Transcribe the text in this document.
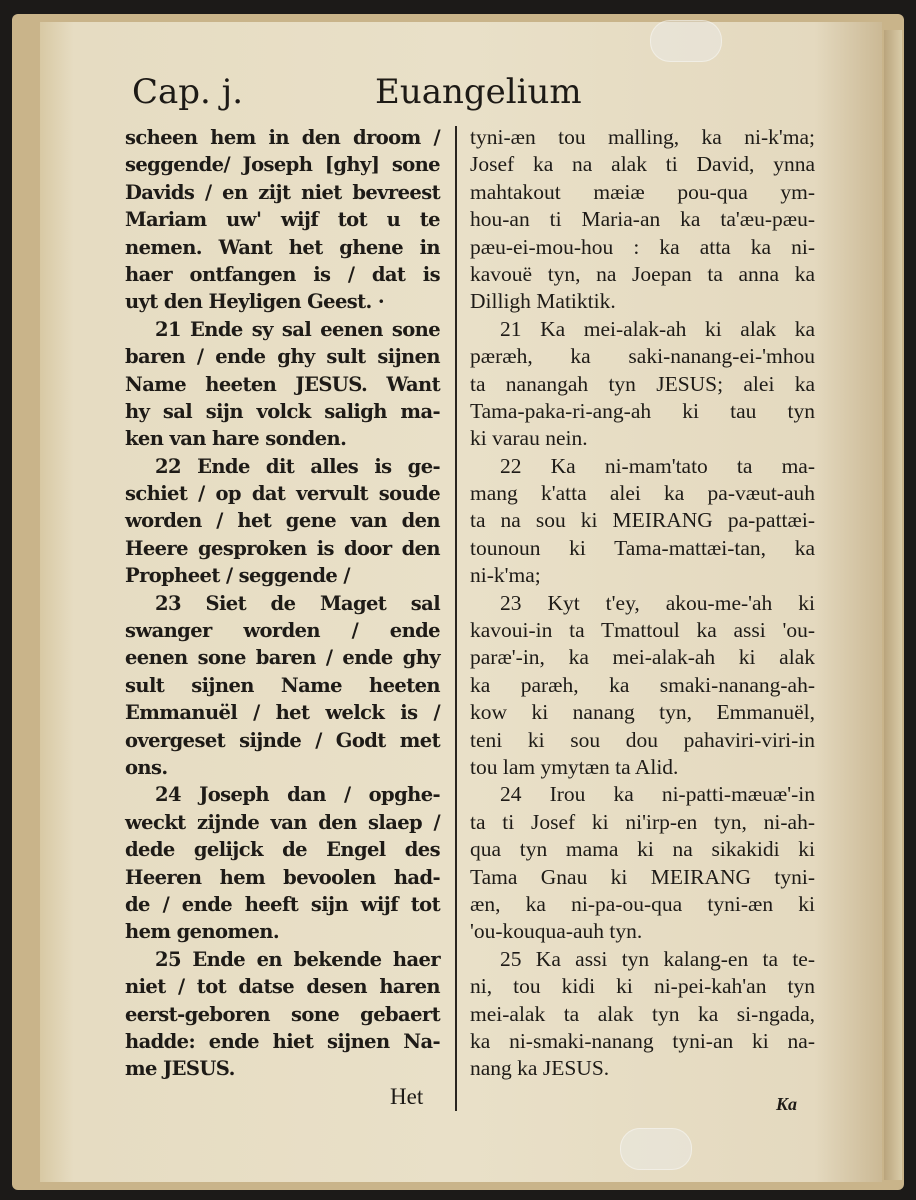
Cap. j.	Euangelium
scheen hem in den droom /
seggende/ Joseph [ghy] sone
Davids / en zijt niet bevreest
Mariam uw' wijf tot u te
nemen. Want het ghene in
haer ontfangen is / dat is
uyt den Heyligen Geest. ·
21 Ende sy sal eenen sone
baren / ende ghy sult sijnen
Name heeten JESUS. Want
hy sal sijn volck saligh ma-
ken van hare sonden.
22 Ende dit alles is ge-
schiet / op dat vervult soude
worden / het gene van den
Heere gesproken is door den
Propheet / seggende /
23 Siet de Maget sal
swanger worden / ende
eenen sone baren / ende ghy
sult sijnen Name heeten
Emmanuël / het welck is /
overgeset sijnde / Godt met
ons.
24 Joseph dan / opghe-
weckt zijnde van den slaep /
dede gelijck de Engel des
Heeren hem bevoolen had-
de / ende heeft sijn wijf tot
hem genomen.
25 Ende en bekende haer
niet / tot datse desen haren
eerst-geboren sone gebaert
hadde: ende hiet sijnen Na-
me JESUS.
tyni-æn tou malling, ka ni-k'ma;
Josef ka na alak ti David, ynna
mahtakout mæiæ pou-qua ym-
hou-an ti Maria-an ka ta'æu-pæu-
pæu-ei-mou-hou : ka atta ka ni-
kavouë tyn, na Joepan ta anna ka
Dilligh Matiktik.
21 Ka mei-alak-ah ki alak ka
pæræh, ka saki-nanang-ei-'mhou
ta nanangah tyn JESUS; alei ka
Tama-paka-ri-ang-ah ki tau tyn
ki varau nein.
22 Ka ni-mam'tato ta ma-
mang k'atta alei ka pa-væut-auh
ta na sou ki MEIRANG pa-pattæi-
tounoun ki Tama-mattæi-tan, ka
ni-k'ma;
23 Kyt t'ey, akou-me-'ah ki
kavoui-in ta Tmattoul ka assi 'ou-
paræ'-in, ka mei-alak-ah ki alak
ka paræh, ka smaki-nanang-ah-
kow ki nanang tyn, Emmanuël,
teni ki sou dou pahaviri-viri-in
tou lam ymytæn ta Alid.
24 Irou ka ni-patti-mæuæ'-in
ta ti Josef ki ni'irp-en tyn, ni-ah-
qua tyn mama ki na sikakidi ki
Tama Gnau ki MEIRANG tyni-
æn, ka ni-pa-ou-qua tyni-æn ki
'ou-kouqua-auh tyn.
25 Ka assi tyn kalang-en ta te-
ni, tou kidi ki ni-pei-kah'an tyn
mei-alak ta alak tyn ka si-ngada,
ka ni-smaki-nanang tyni-an ki na-
nang ka JESUS.
Het	Ka
